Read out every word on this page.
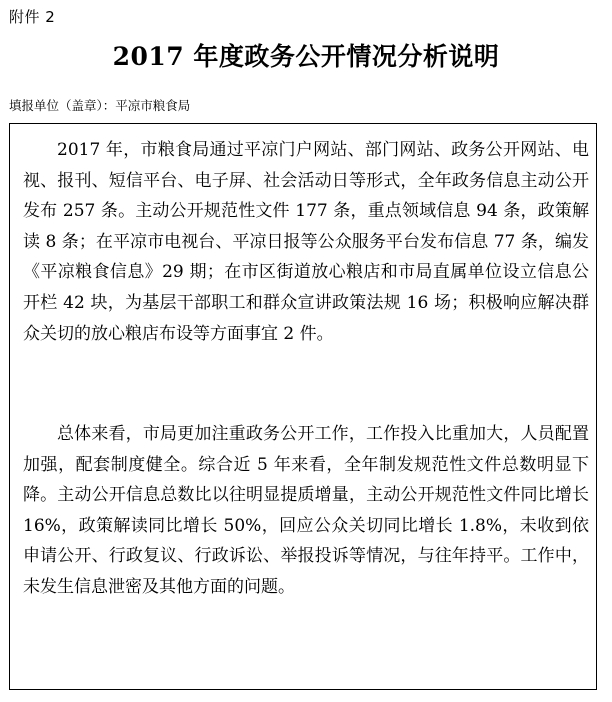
附件 2
2017 年度政务公开情况分析说明
填报单位（盖章）：平凉市粮食局

2017 年，市粮食局通过平凉门户网站、部门网站、政务公开网站、电视、报刊、短信平台、电子屏、社会活动日等形式，全年政务信息主动公开发布 257 条。主动公开规范性文件 177 条，重点领域信息 94 条，政策解读 8 条；在平凉市电视台、平凉日报等公众服务平台发布信息 77 条，编发《平凉粮食信息》29 期；在市区街道放心粮店和市局直属单位设立信息公开栏 42 块，为基层干部职工和群众宣讲政策法规 16 场；积极响应解决群众关切的放心粮店布设等方面事宜 2 件。

总体来看，市局更加注重政务公开工作，工作投入比重加大，人员配置加强，配套制度健全。综合近 5 年来看，全年制发规范性文件总数明显下降。主动公开信息总数比以往明显提质增量，主动公开规范性文件同比增长 16%，政策解读同比增长 50%，回应公众关切同比增长 1.8%，未收到依申请公开、行政复议、行政诉讼、举报投诉等情况，与往年持平。工作中，未发生信息泄密及其他方面的问题。
